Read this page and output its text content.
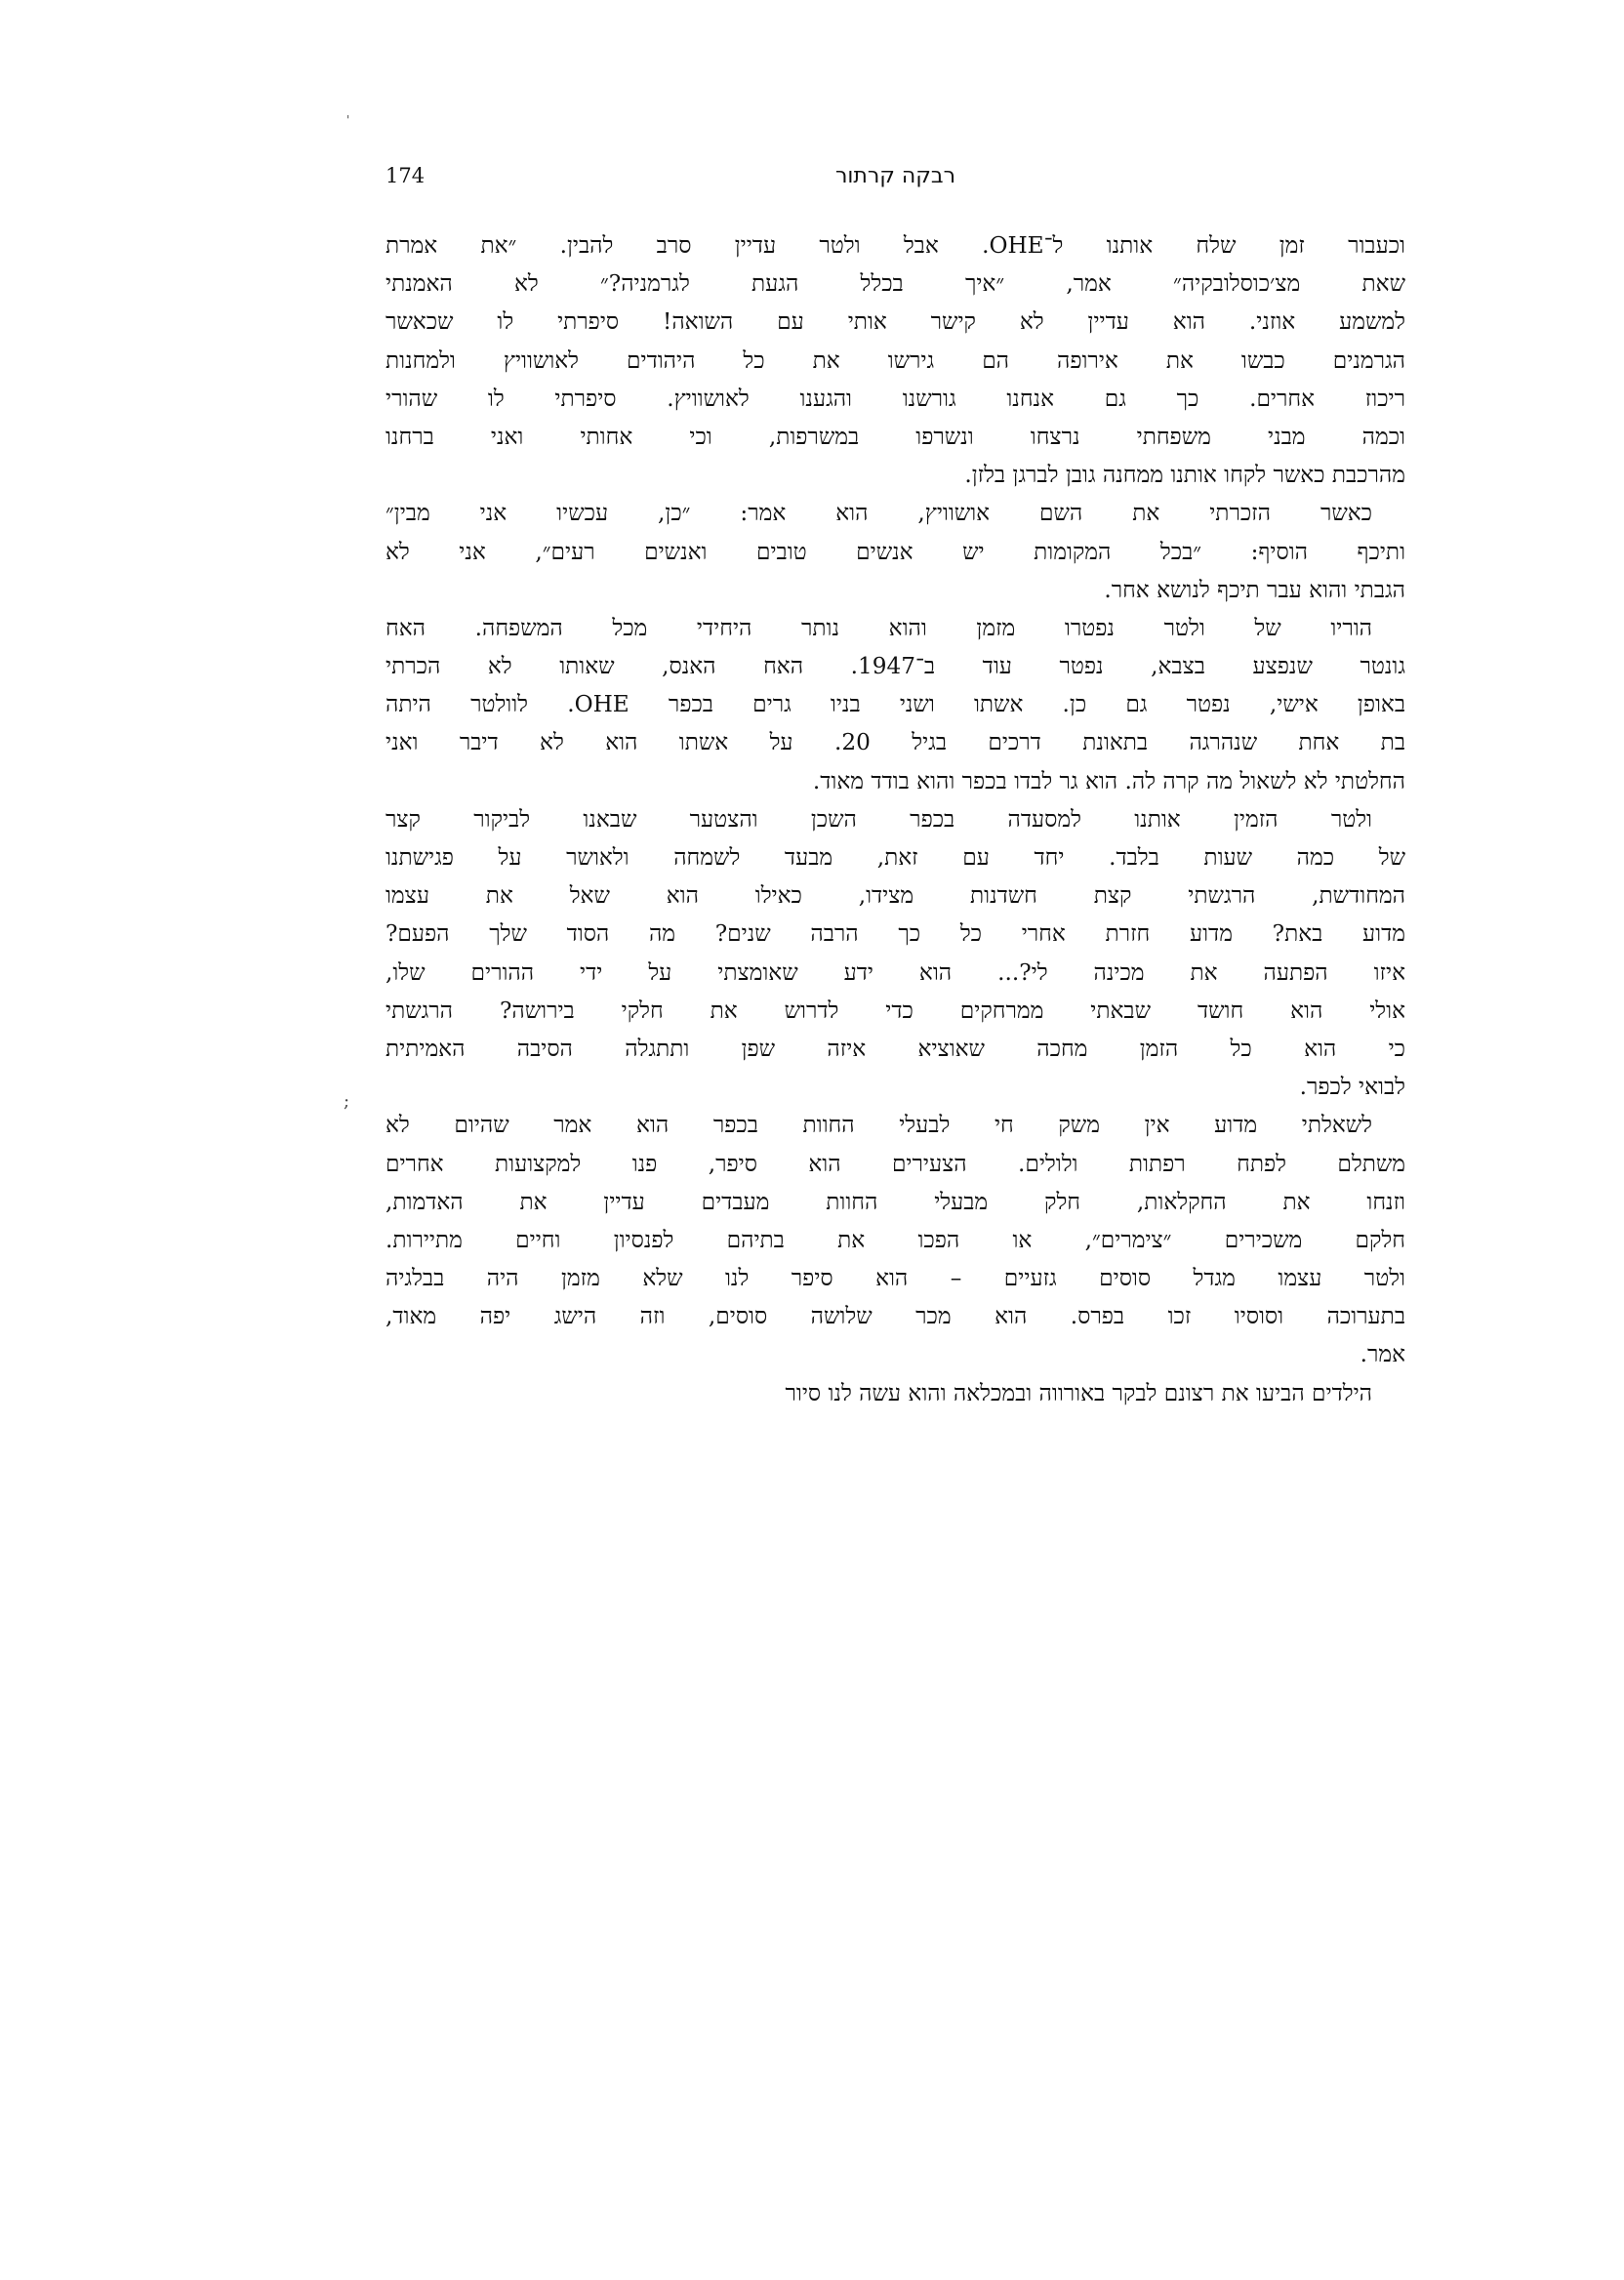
174	רבקה קרתור
'
;
וכעבור זמן שלח אותנו ל־OHE. אבל ולטר עדיין סרב להבין. ״את אמרת
שאת מצ׳כוסלובקיה״ אמר, ״איך בכלל הגעת לגרמניה?״ לא האמנתי
למשמע אוזני. הוא עדיין לא קישר אותי עם השואה! סיפרתי לו שכאשר
הגרמנים כבשו את אירופה הם גירשו את כל היהודים לאושוויץ ולמחנות
ריכוז אחרים. כך גם אנחנו גורשנו והגענו לאושוויץ. סיפרתי לו שהורי
וכמה מבני משפחתי נרצחו ונשרפו במשרפות, וכי אחותי ואני ברחנו
מהרכבת כאשר לקחו אותנו ממחנה גובן לברגן בלזן.
כאשר הזכרתי את השם אושוויץ, הוא אמר: ״כן, עכשיו אני מבין״
ותיכף הוסיף: ״בכל המקומות יש אנשים טובים ואנשים רעים״, אני לא
הגבתי והוא עבר תיכף לנושא אחר.
הוריו של ולטר נפטרו מזמן והוא נותר היחידי מכל המשפחה. האח
גונטר שנפצע בצבא, נפטר עוד ב־1947. האח האנס, שאותו לא הכרתי
באופן אישי, נפטר גם כן. אשתו ושני בניו גרים בכפר OHE. לוולטר היתה
בת אחת שנהרגה בתאונת דרכים בגיל 20. על אשתו הוא לא דיבר ואני
החלטתי לא לשאול מה קרה לה. הוא גר לבדו בכפר והוא בודד מאוד.
ולטר הזמין אותנו למסעדה בכפר השכן והצטער שבאנו לביקור קצר
של כמה שעות בלבד. יחד עם זאת, מבעד לשמחה ולאושר על פגישתנו
המחודשת, הרגשתי קצת חשדנות מצידו, כאילו הוא שאל את עצמו
מדוע באת? מדוע חזרת אחרי כל כך הרבה שנים? מה הסוד שלך הפעם?
איזו הפתעה את מכינה לי?... הוא ידע שאומצתי על ידי ההורים שלו,
אולי הוא חושד שבאתי ממרחקים כדי לדרוש את חלקי בירושה? הרגשתי
כי הוא כל הזמן מחכה שאוציא איזה שפן ותתגלה הסיבה האמיתית
לבואי לכפר.
לשאלתי מדוע אין משק חי לבעלי החוות בכפר הוא אמר שהיום לא
משתלם לפתח רפתות ולולים. הצעירים הוא סיפר, פנו למקצועות אחרים
וזנחו את החקלאות, חלק מבעלי החוות מעבדים עדיין את האדמות,
חלקם משכירים ״צימרים״, או הפכו את בתיהם לפנסיון וחיים מתיירות.
ולטר עצמו מגדל סוסים גזעיים – הוא סיפר לנו שלא מזמן היה בבלגיה
בתערוכה וסוסיו זכו בפרס. הוא מכר שלושה סוסים, וזה הישג יפה מאוד,
אמר.
הילדים הביעו את רצונם לבקר באורווה ובמכלאה והוא עשה לנו סיור
